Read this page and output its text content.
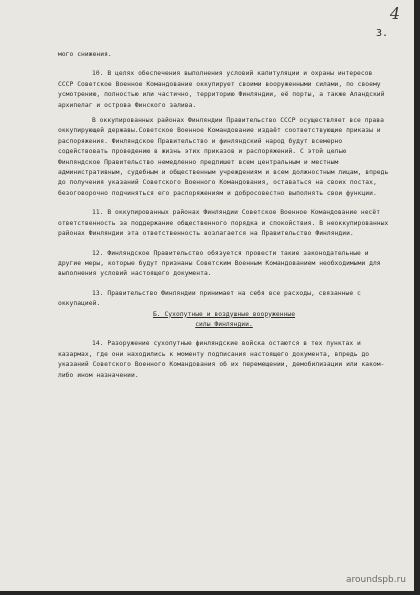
4
3.

мого снижения.

10. В целях обеспечения выполнения условий капитуляции и охраны интересов СССР Советское Военное Командование оккупирует своими вооруженными силами, по своему усмотрению, полностью или частично, территорию Финляндии, её порты, а также Аландский архипелаг и острова Финского залива.

В оккупированных районах Финляндии Правительство СССР осуществляет все права оккупирующей державы.Советское Военное Командование издаёт соответствующие приказы и распоряжения. Финляндское Правительство и финляндский народ будут всемерно содействовать проведению в жизнь этих приказов и распоряжений. С этой целью Финляндское Правительство немедленно предпишет всем центральным и местным административным, судебным и общественным учреждениям и всем должностным лицам, впредь до получения указаний Советского Военного Командования, оставаться на своих постах, безоговорочно подчиняться его распоряжениям и добросовестно выполнять свои функции.

11. В оккупированных районах Финляндии Советское Военное Командование несёт ответственность за поддержание общественного порядка и спокойствия. В неоккупированных районах Финляндии эта ответственность возлагается на Правительство Финляндии.

12. Финляндское Правительство обязуется провести такие законодательные и другие меры, которые будут признаны Советским Военным Командованием необходимыми для выполнения условий настоящего документа.

13. Правительство Финляндии принимает на себя все расходы, связанные с оккупацией.

Б. Сухопутные и воздушные вооруженные
силы Финляндии.

14. Разоружение сухопутные финляндские войска остаются в тех пунктах и казармах, где они находились к моменту подписания настоящего документа, впредь до указаний Советского Военного Командования об их перемещении, демобилизации или каком-либо ином назначении.

aroundspb.ru
